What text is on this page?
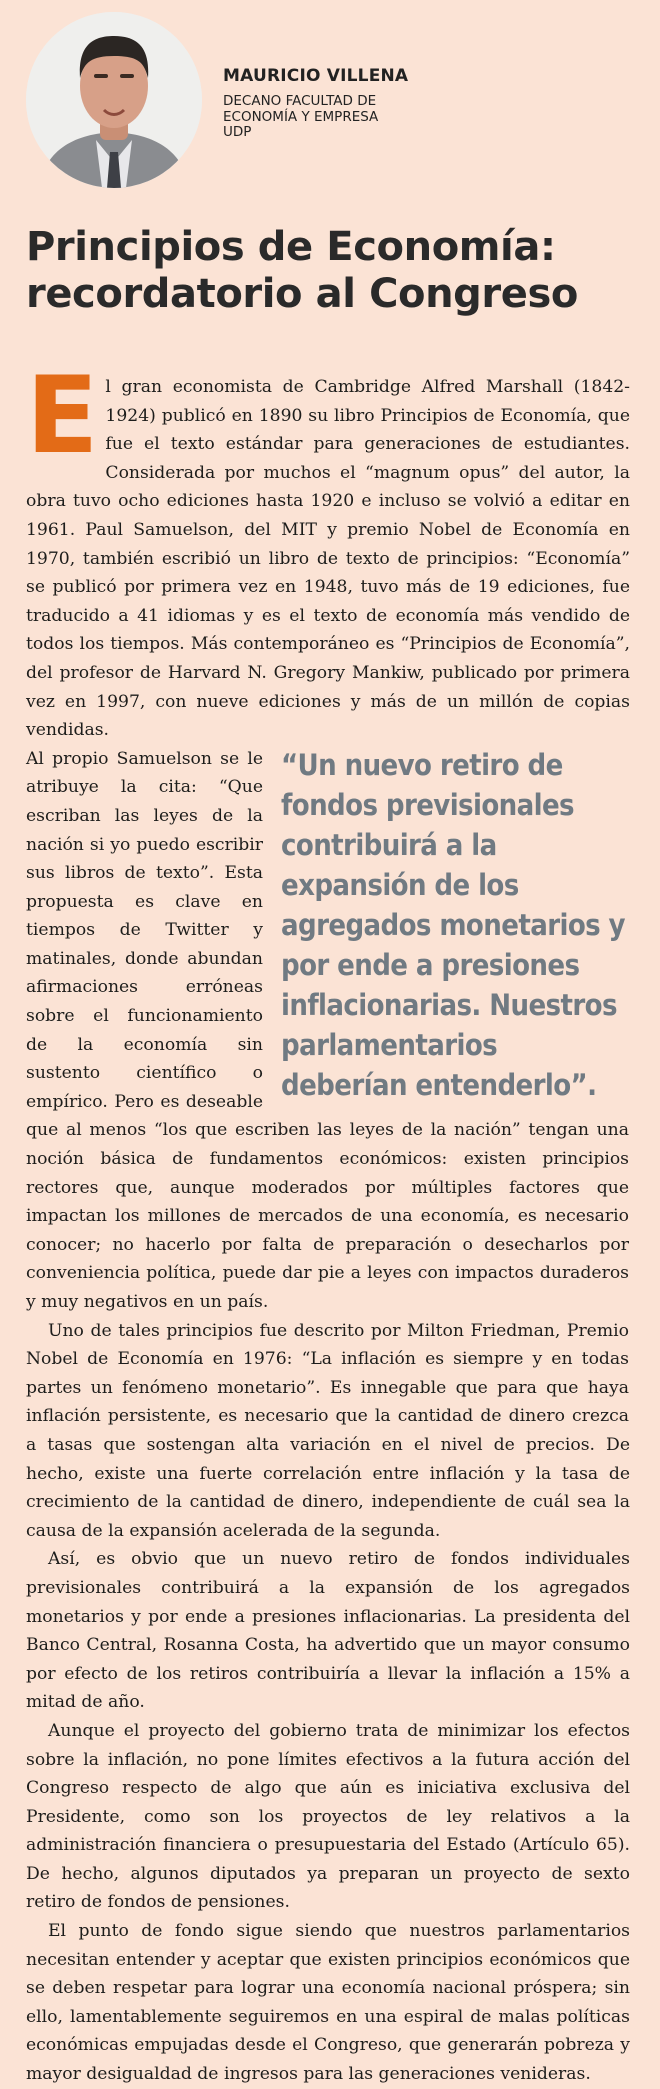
MAURICIO VILLENA
DECANO FACULTAD DE
ECONOMÍA Y EMPRESA
UDP
Principios de Economía: recordatorio al Congreso
E l gran economista de Cambridge Alfred Marshall (1842-1924) publicó en 1890 su libro Principios de Economía, que fue el texto estándar para generaciones de estudiantes. Considerada por muchos el “magnum opus” del autor, la obra tuvo ocho ediciones hasta 1920 e incluso se volvió a editar en 1961. Paul Samuelson, del MIT y premio Nobel de Economía en 1970, también escribió un libro de texto de principios: “Economía” se publicó por primera vez en 1948, tuvo más de 19 ediciones, fue traducido a 41 idiomas y es el texto de economía más vendido de todos los tiempos. Más contemporáneo es “Principios de Economía”, del profesor de Harvard N. Gregory Mankiw, publicado por primera vez en 1997, con nueve ediciones y más de un millón de copias vendidas.

“Un nuevo retiro de fondos previsionales contribuirá a la expansión de los agregados monetarios y por ende a presiones inflacionarias. Nuestros parlamentarios deberían entenderlo”.

Al propio Samuelson se le atribuye la cita: “Que escriban las leyes de la nación si yo puedo escribir sus libros de texto”. Esta propuesta es clave en tiempos de Twitter y matinales, donde abundan afirmaciones erróneas sobre el funcionamiento de la economía sin sustento científico o empírico. Pero es deseable que al menos “los que escriben las leyes de la nación” tengan una noción básica de fundamentos económicos: existen principios rectores que, aunque moderados por múltiples factores que impactan los millones de mercados de una economía, es necesario conocer; no hacerlo por falta de preparación o desecharlos por conveniencia política, puede dar pie a leyes con impactos duraderos y muy negativos en un país.

Uno de tales principios fue descrito por Milton Friedman, Premio Nobel de Economía en 1976: “La inflación es siempre y en todas partes un fenómeno monetario”. Es innegable que para que haya inflación persistente, es necesario que la cantidad de dinero crezca a tasas que sostengan alta variación en el nivel de precios. De hecho, existe una fuerte correlación entre inflación y la tasa de crecimiento de la cantidad de dinero, independiente de cuál sea la causa de la expansión acelerada de la segunda.

Así, es obvio que un nuevo retiro de fondos individuales previsionales contribuirá a la expansión de los agregados monetarios y por ende a presiones inflacionarias. La presidenta del Banco Central, Rosanna Costa, ha advertido que un mayor consumo por efecto de los retiros contribuiría a llevar la inflación a 15% a mitad de año.

Aunque el proyecto del gobierno trata de minimizar los efectos sobre la inflación, no pone límites efectivos a la futura acción del Congreso respecto de algo que aún es iniciativa exclusiva del Presidente, como son los proyectos de ley relativos a la administración financiera o presupuestaria del Estado (Artículo 65). De hecho, algunos diputados ya preparan un proyecto de sexto retiro de fondos de pensiones.

El punto de fondo sigue siendo que nuestros parlamentarios necesitan entender y aceptar que existen principios económicos que se deben respetar para lograr una economía nacional próspera; sin ello, lamentablemente seguiremos en una espiral de malas políticas económicas empujadas desde el Congreso, que generarán pobreza y mayor desigualdad de ingresos para las generaciones venideras.
